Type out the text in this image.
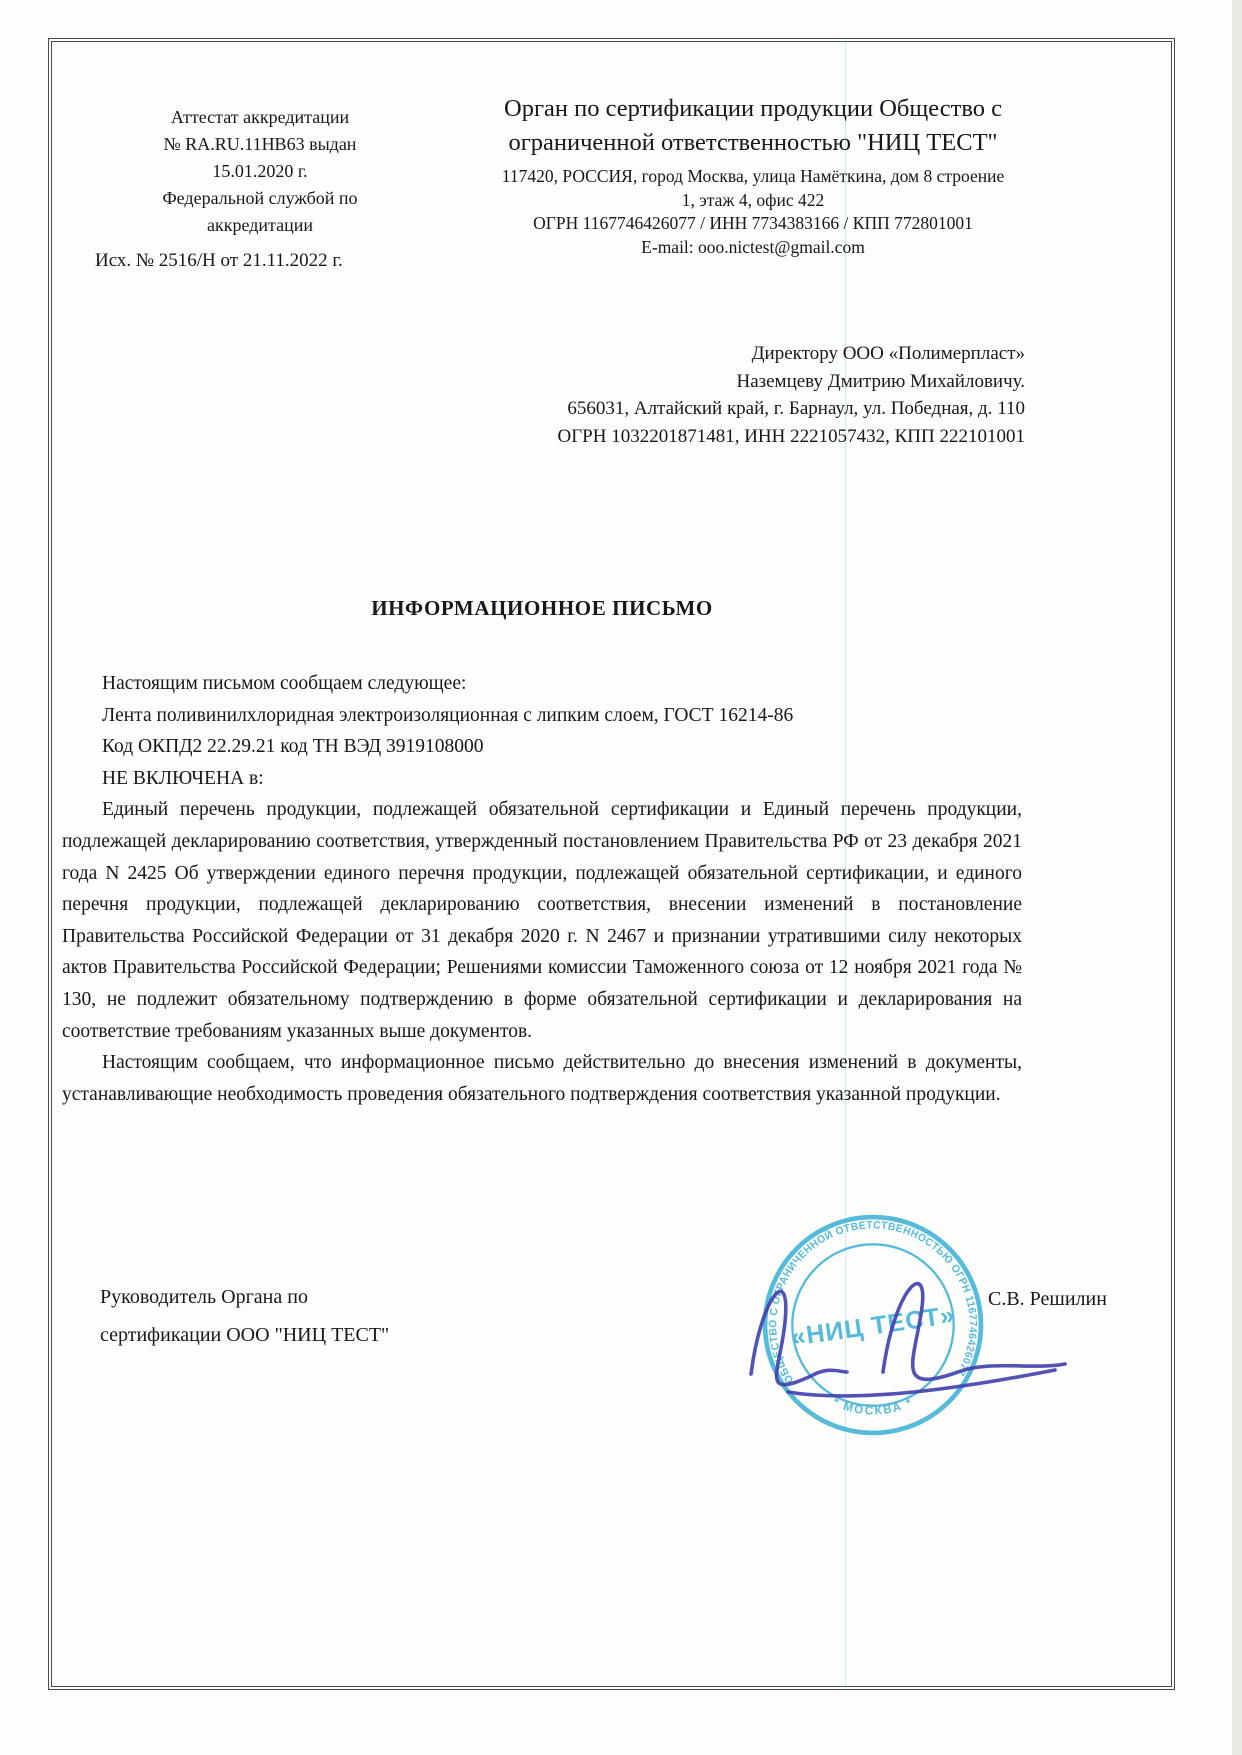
Аттестат аккредитации
№ RA.RU.11НВ63 выдан
15.01.2020 г.
Федеральной службой по
аккредитации
Исх. № 2516/Н от 21.11.2022 г.
Орган по сертификации продукции Общество с
ограниченной ответственностью "НИЦ ТЕСТ"
117420, РОССИЯ, город Москва, улица Намёткина, дом 8 строение
1, этаж 4, офис 422
ОГРН 1167746426077 / ИНН 7734383166 / КПП 772801001
E-mail: ooo.nictest@gmail.com
Директору ООО «Полимерпласт»
Наземцеву Дмитрию Михайловичу.
656031, Алтайский край, г. Барнаул, ул. Победная, д. 110
ОГРН 1032201871481, ИНН 2221057432, КПП 222101001
ИНФОРМАЦИОННОЕ ПИСЬМО

Настоящим письмом сообщаем следующее:

Лента поливинилхлоридная электроизоляционная с липким слоем, ГОСТ 16214-86

Код ОКПД2 22.29.21 код ТН ВЭД 3919108000

НЕ ВКЛЮЧЕНА в:

Единый перечень продукции, подлежащей обязательной сертификации и Единый перечень продукции, подлежащей декларированию соответствия, утвержденный постановлением Правительства РФ от 23 декабря 2021 года N 2425 Об утверждении единого перечня продукции, подлежащей обязательной сертификации, и единого перечня продукции, подлежащей декларированию соответствия, внесении изменений в постановление Правительства Российской Федерации от 31 декабря 2020 г. N 2467 и признании утратившими силу некоторых актов Правительства Российской Федерации; Решениями комиссии Таможенного союза от 12 ноября 2021 года № 130, не подлежит обязательному подтверждению в форме обязательной сертификации и декларирования на соответствие требованиям указанных выше документов.

Настоящим сообщаем, что информационное письмо действительно до внесения изменений в документы, устанавливающие необходимость проведения обязательного подтверждения соответствия указанной продукции.

Руководитель Органа по
сертификации ООО "НИЦ ТЕСТ"
С.В. Решилин
ОБЩЕСТВО С ОГРАНИЧЕННОЙ ОТВЕТСТВЕННОСТЬЮ ОГРН 1167746426077
* МОСКВА *
«НИЦ ТЕСТ»
